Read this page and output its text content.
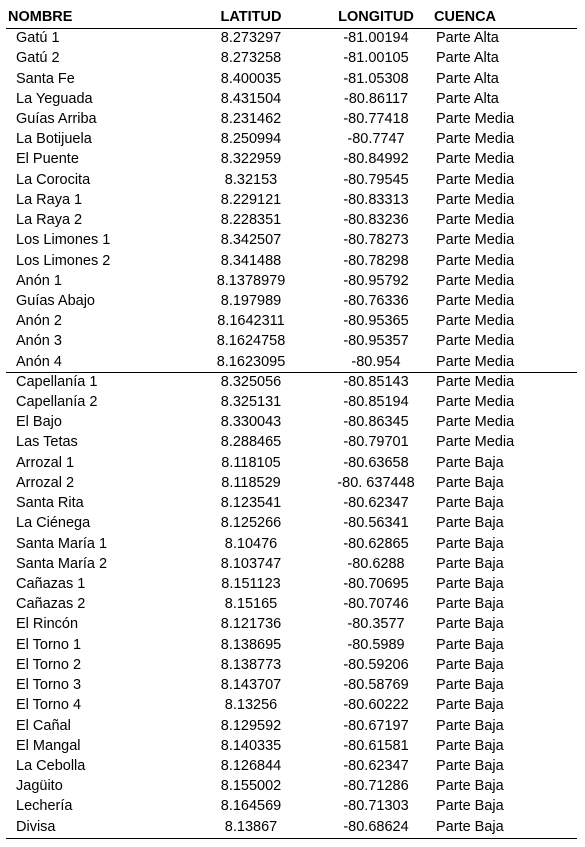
NOMBRE	LATITUD	LONGITUD	CUENCA
Gatú 1	8.273297	-81.00194	Parte Alta
Gatú 2	8.273258	-81.00105	Parte Alta
Santa Fe	8.400035	-81.05308	Parte Alta
La Yeguada	8.431504	-80.86117	Parte Alta
Guías Arriba	8.231462	-80.77418	Parte Media
La Botijuela	8.250994	-80.7747	Parte Media
El Puente	8.322959	-80.84992	Parte Media
La Corocita	8.32153	-80.79545	Parte Media
La Raya 1	8.229121	-80.83313	Parte Media
La Raya 2	8.228351	-80.83236	Parte Media
Los Limones 1	8.342507	-80.78273	Parte Media
Los Limones 2	8.341488	-80.78298	Parte Media
Anón 1	8.1378979	-80.95792	Parte Media
Guías Abajo	8.197989	-80.76336	Parte Media
Anón 2	8.1642311	-80.95365	Parte Media
Anón 3	8.1624758	-80.95357	Parte Media
Anón 4	8.1623095	-80.954	Parte Media
Capellanía 1	8.325056	-80.85143	Parte Media
Capellanía 2	8.325131	-80.85194	Parte Media
El Bajo	8.330043	-80.86345	Parte Media
Las Tetas	8.288465	-80.79701	Parte Media
Arrozal 1	8.118105	-80.63658	Parte Baja
Arrozal 2	8.118529	-80. 637448	Parte Baja
Santa Rita	8.123541	-80.62347	Parte Baja
La Ciénega	8.125266	-80.56341	Parte Baja
Santa María 1	8.10476	-80.62865	Parte Baja
Santa María 2	8.103747	-80.6288	Parte Baja
Cañazas 1	8.151123	-80.70695	Parte Baja
Cañazas 2	8.15165	-80.70746	Parte Baja
El Rincón	8.121736	-80.3577	Parte Baja
El Torno 1	8.138695	-80.5989	Parte Baja
El Torno 2	8.138773	-80.59206	Parte Baja
El Torno 3	8.143707	-80.58769	Parte Baja
El Torno 4	8.13256	-80.60222	Parte Baja
El Cañal	8.129592	-80.67197	Parte Baja
El Mangal	8.140335	-80.61581	Parte Baja
La Cebolla	8.126844	-80.62347	Parte Baja
Jagüito	8.155002	-80.71286	Parte Baja
Lechería	8.164569	-80.71303	Parte Baja
Divisa	8.13867	-80.68624	Parte Baja
